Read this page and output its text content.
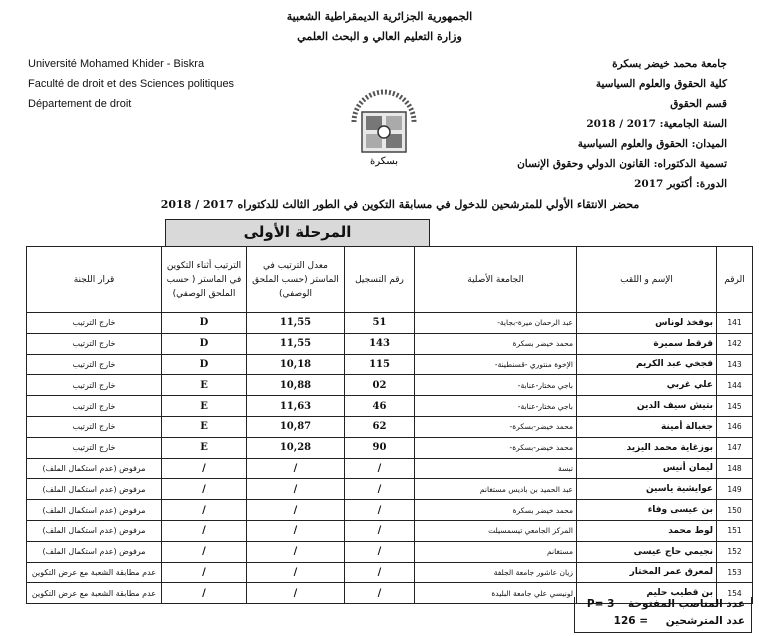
الجمهورية الجزائرية الديمقراطية الشعبية
وزارة التعليم العالي و البحث العلمي
Université Mohamed Khider - Biskra
Faculté de droit et des Sciences politiques
Département de droit
جامعة محمد خيضر بسكرة
كلية الحقوق والعلوم السياسية
قسم الحقوق
السنة الجامعية: 2017 / 2018
الميدان: الحقوق والعلوم السياسية
تسمية الدكتوراه: القانون الدولي وحقوق الإنسان
الدورة: أكتوبر 2017
بسكرة
محضر الانتقاء الأولي للمترشحين للدخول في مسابقة التكوين في الطور الثالث للدكتوراه 2017 / 2018
المرحلة الأولى
قرار اللجنة	الترتيب أثناء التكوين في الماستر ( حسب الملحق الوصفي)	معدل الترتيب في الماستر (حسب الملحق الوصفي)	رقم التسجيل	الجامعة الأصلية	الإسم و اللقب	الرقم
خارج الترتيب	D	11,55	51	عبد الرحمان ميرة-بجاية-	بوفخذ لوناس	141
خارج الترتيب	D	11,55	143	محمد خيضر بسكرة	قرقط سميرة	142
خارج الترتيب	D	10,18	115	الإخوة منتوري -قسنطينة-	فجخي عبد الكريم	143
خارج الترتيب	E	10,88	02	باجي مختار-عنابة-	علي غربي	144
خارج الترتيب	E	11,63	46	باجي مختار-عنابة-	بتيش سيف الدين	145
خارج الترتيب	E	10,87	62	محمد خيضر-بسكرة-	جغبالة أمينة	146
خارج الترتيب	E	10,28	90	محمد خيضر-بسكرة-	بوزغاية محمد اليزيد	147
مرفوض (عدم استكمال الملف)	/	/	/	تبسة	ليمان أنيس	148
مرفوض (عدم استكمال الملف)	/	/	/	عبد الحميد بن باديس مستغانم	عوايشية ياسين	149
مرفوض (عدم استكمال الملف)	/	/	/	محمد خيضر بسكرة	بن عيسى وفاء	150
مرفوض (عدم استكمال الملف)	/	/	/	المركز الجامعي تيسمسيلت	لوط محمد	151
مرفوض (عدم استكمال الملف)	/	/	/	مستغانم	نجيمي حاج عيسى	152
عدم مطابقة الشعبة مع عرض التكوين	/	/	/	زيان عاشور جامعة الجلفة	لمعرق عمر المختار	153
عدم مطابقة الشعبة مع عرض التكوين	/	/	/	لونيسي علي جامعة البليدة	بن قطيب حليم	154
عدد المناصب المفتوحة P= 3
عدد المترشحين 126 =
